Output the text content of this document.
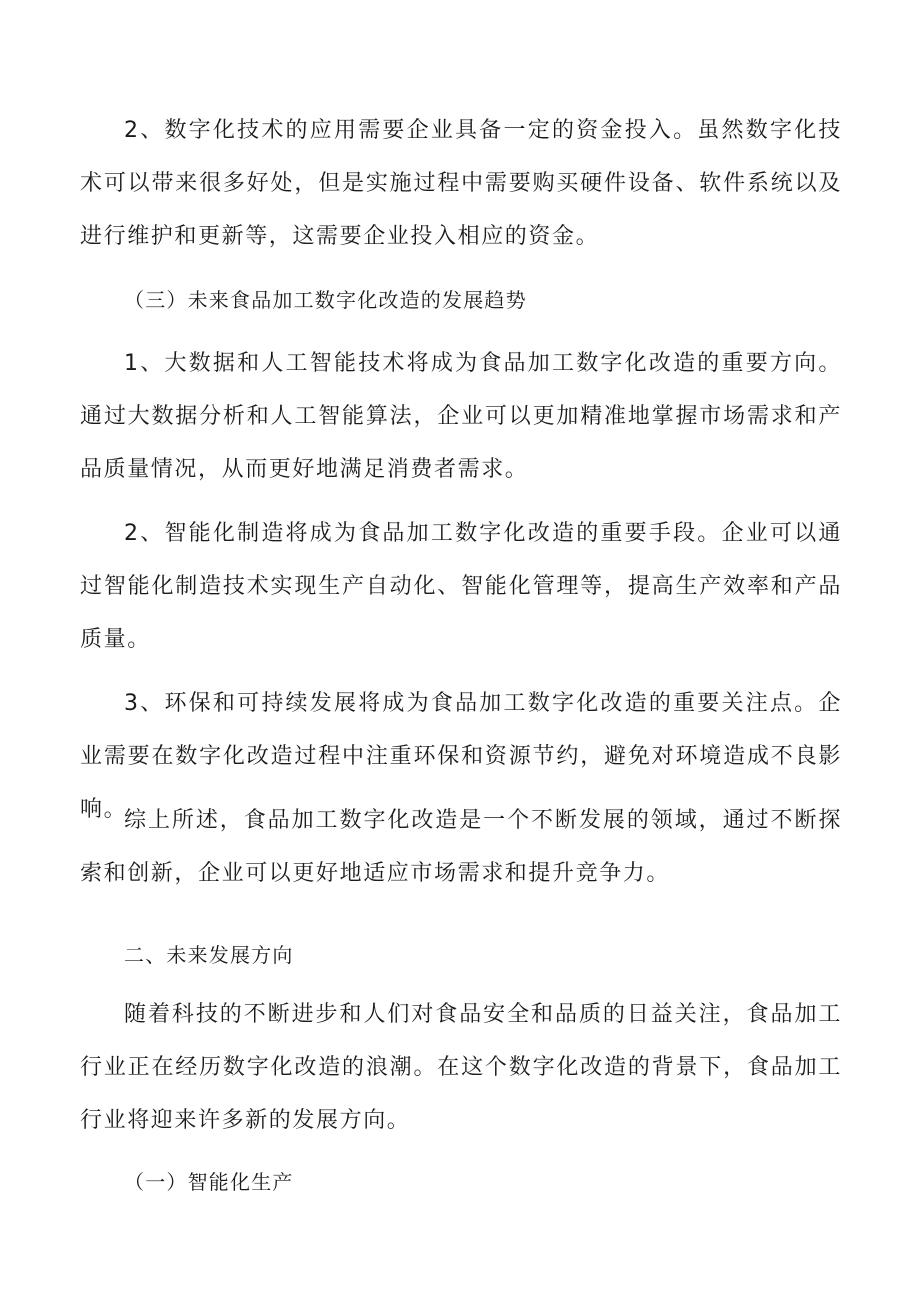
2、数字化技术的应用需要企业具备一定的资金投入。虽然数字化技术可以带来很多好处，但是实施过程中需要购买硬件设备、软件系统以及进行维护和更新等，这需要企业投入相应的资金。

（三）未来食品加工数字化改造的发展趋势

1、大数据和人工智能技术将成为食品加工数字化改造的重要方向。通过大数据分析和人工智能算法，企业可以更加精准地掌握市场需求和产品质量情况，从而更好地满足消费者需求。

2、智能化制造将成为食品加工数字化改造的重要手段。企业可以通过智能化制造技术实现生产自动化、智能化管理等，提高生产效率和产品质量。

3、环保和可持续发展将成为食品加工数字化改造的重要关注点。企业需要在数字化改造过程中注重环保和资源节约，避免对环境造成不良影响。

综上所述，食品加工数字化改造是一个不断发展的领域，通过不断探索和创新，企业可以更好地适应市场需求和提升竞争力。

二、未来发展方向

随着科技的不断进步和人们对食品安全和品质的日益关注，食品加工行业正在经历数字化改造的浪潮。在这个数字化改造的背景下，食品加工行业将迎来许多新的发展方向。

（一）智能化生产
